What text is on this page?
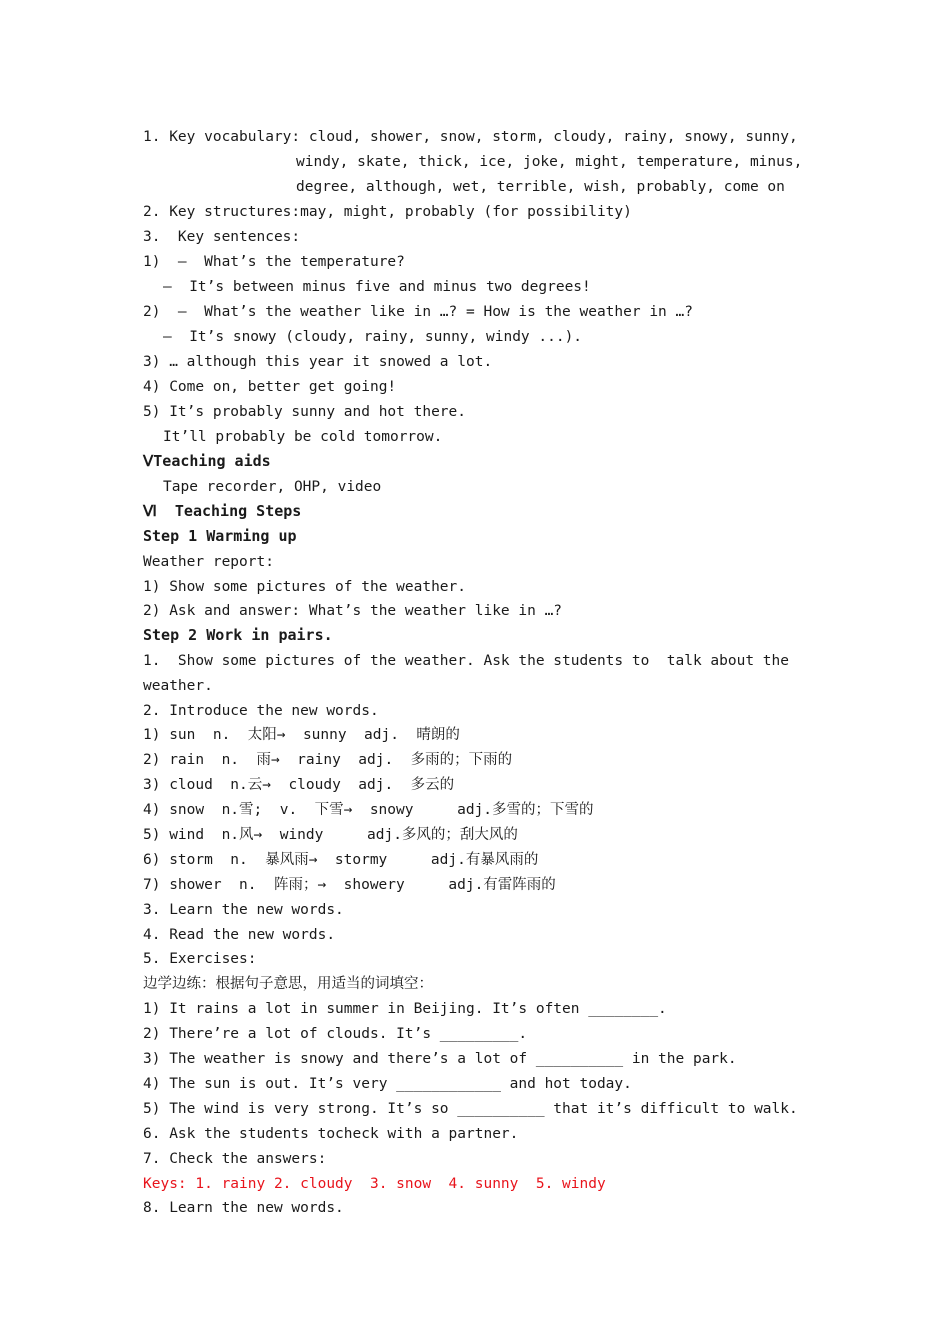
1. Key vocabulary: cloud, shower, snow, storm, cloudy, rainy, snowy, sunny,
windy, skate, thick, ice, joke, might, temperature, minus,
degree, although, wet, terrible, wish, probably, come on
2. Key structures:may, might, probably (for possibility)
3.  Key sentences:
1)  —  What’s the temperature?
—  It’s between minus five and minus two degrees!
2)  —  What’s the weather like in …? = How is the weather in …?
—  It’s snowy (cloudy, rainy, sunny, windy ...).
3) … although this year it snowed a lot.
4) Come on, better get going!
5) It’s probably sunny and hot there.
It’ll probably be cold tomorrow.
ⅤTeaching aids
Tape recorder, OHP, video
Ⅵ  Teaching Steps
Step 1 Warming up
Weather report:
1) Show some pictures of the weather.
2) Ask and answer: What’s the weather like in …?
Step 2 Work in pairs.
1.  Show some pictures of the weather. Ask the students to  talk about the
weather.
2. Introduce the new words.
1) sun  n.  太阳→  sunny  adj.  晴朗的
2) rain  n.  雨→  rainy  adj.  多雨的；下雨的
3) cloud  n.云→  cloudy  adj.  多云的
4) snow  n.雪;  v.  下雪→  snowy     adj.多雪的；下雪的
5) wind  n.风→  windy     adj.多风的；刮大风的
6) storm  n.  暴风雨→  stormy     adj.有暴风雨的
7) shower  n.  阵雨；→  showery     adj.有雷阵雨的
3. Learn the new words.
4. Read the new words.
5. Exercises:
边学边练：根据句子意思，用适当的词填空：
1) It rains a lot in summer in Beijing. It’s often ________.
2) There’re a lot of clouds. It’s _________.
3) The weather is snowy and there’s a lot of __________ in the park.
4) The sun is out. It’s very ____________ and hot today.
5) The wind is very strong. It’s so __________ that it’s difficult to walk.
6. Ask the students tocheck with a partner.
7. Check the answers:
Keys: 1. rainy 2. cloudy  3. snow  4. sunny  5. windy
8. Learn the new words.
